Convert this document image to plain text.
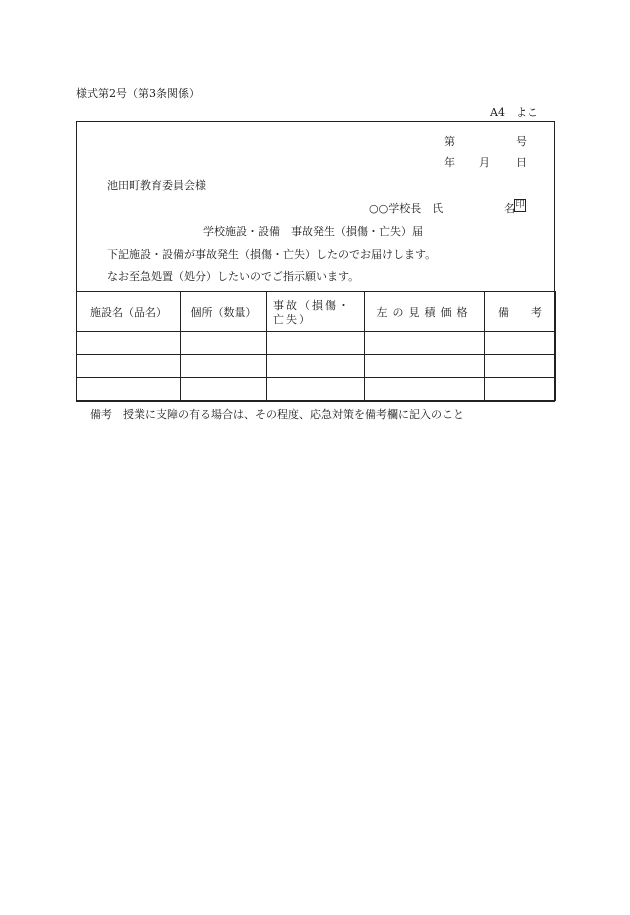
様式第2号（第3条関係）
A4　よこ
第	号
年 月 日
池田町教育委員会様
○○学校長　氏	名 印
学校施設・設備　事故発生（損傷・亡失）届
下記施設・設備が事故発生（損傷・亡失）したのでお届けします。
なお至急処置（処分）したいのでご指示願います。
施設名（品名）	個所（数量）	事故（損傷・亡失）	左の見積価格	備 考

備考　授業に支障の有る場合は、その程度、応急対策を備考欄に記入のこと
